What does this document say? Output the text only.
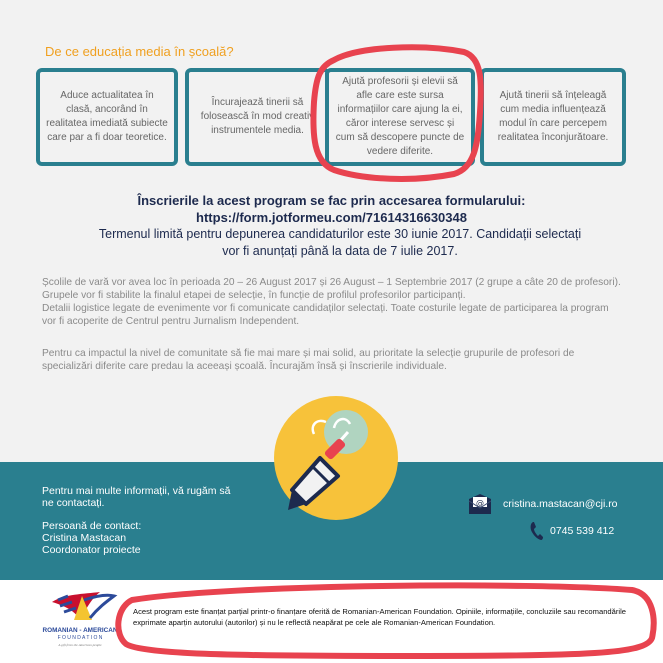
De ce educația media în școală?
Aduce actualitatea în clasă, ancorând în realitatea imediată subiecte care par a fi doar teoretice.
Încurajează tinerii să folosească în mod creativ instrumentele media.
Ajută profesorii și elevii să afle care este sursa informațiilor care ajung la ei, căror interese servesc și cum să descopere puncte de vedere diferite.
Ajută tinerii să înțeleagă cum media influențează modul în care percepem realitatea înconjurătoare.
Înscrierile la acest program se fac prin accesarea formularului:
https://form.jotformeu.com/71614316630348
Termenul limită pentru depunerea candidaturilor este 30 iunie 2017. Candidații selectați vor fi anunțați până la data de 7 iulie 2017.
Școlile de vară vor avea loc în perioada 20 – 26 August 2017 și 26 August – 1 Septembrie 2017 (2 grupe a câte 20 de profesori). Grupele vor fi stabilite la finalul etapei de selecție, în funcție de profilul profesorilor participanți.
Detalii logistice legate de evenimente vor fi comunicate candidaților selectați. Toate costurile legate de participarea la program vor fi acoperite de Centrul pentru Jurnalism Independent.
Pentru ca impactul la nivel de comunitate să fie mai mare și mai solid, au prioritate la selecție grupurile de profesori de specializări diferite care predau la aceeași școală. Încurajăm însă și înscrierile individuale.
Pentru mai multe informații, vă rugăm să
ne contactați.
Persoană de contact:
Cristina Mastacan
Coordonator proiecte
@ cristina.mastacan@cji.ro
0745 539 412
ROMANIAN - AMERICAN
F O U N D A T I O N
A gift from the American people
Acest program este finanțat parțial printr-o finanțare oferită de Romanian-American Foundation. Opiniile, informațiile, concluziile sau recomandările exprimate aparțin autorului (autorilor) și nu le reflectă neapărat pe cele ale Romanian-American Foundation.
